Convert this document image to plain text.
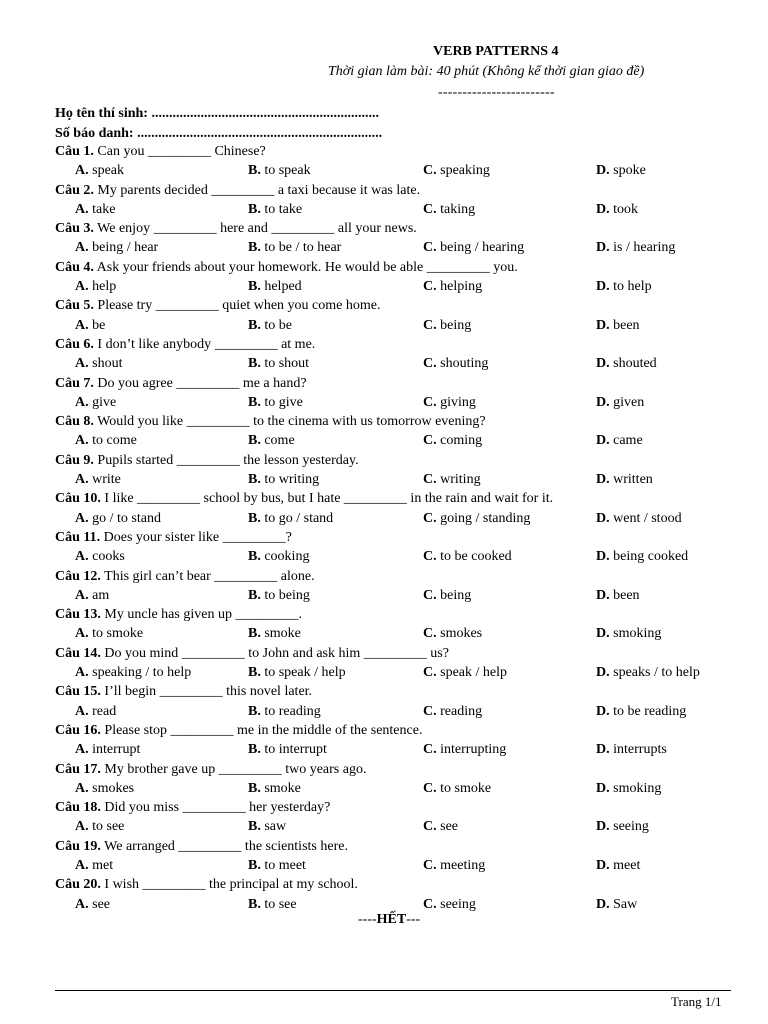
VERB PATTERNS 4
Thời gian làm bài: 40 phút (Không kể thời gian giao đề)
------------------------
Họ tên thí sinh: .................................................................
Số báo danh: ......................................................................
Câu 1. Can you _________ Chinese?
A. speak	B. to speak	C. speaking	D. spoke
Câu 2. My parents decided _________ a taxi because it was late.
A. take	B. to take	C. taking	D. took
Câu 3. We enjoy _________ here and _________ all your news.
A. being / hear	B. to be / to hear	C. being / hearing	D. is / hearing
Câu 4. Ask your friends about your homework. He would be able _________ you.
A. help	B. helped	C. helping	D. to help
Câu 5. Please try _________ quiet when you come home.
A. be	B. to be	C. being	D. been
Câu 6. I don’t like anybody _________ at me.
A. shout	B. to shout	C. shouting	D. shouted
Câu 7. Do you agree _________ me a hand?
A. give	B. to give	C. giving	D. given
Câu 8. Would you like _________ to the cinema with us tomorrow evening?
A. to come	B. come	C. coming	D. came
Câu 9. Pupils started _________ the lesson yesterday.
A. write	B. to writing	C. writing	D. written
Câu 10. I like _________ school by bus, but I hate _________ in the rain and wait for it.
A. go / to stand	B. to go / stand	C. going / standing	D. went / stood
Câu 11. Does your sister like _________?
A. cooks	B. cooking	C. to be cooked	D. being cooked
Câu 12. This girl can’t bear _________ alone.
A. am	B. to being	C. being	D. been
Câu 13. My uncle has given up _________.
A. to smoke	B. smoke	C. smokes	D. smoking
Câu 14. Do you mind _________ to John and ask him _________ us?
A. speaking / to help	B. to speak / help	C. speak / help	D. speaks / to help
Câu 15. I’ll begin _________ this novel later.
A. read	B. to reading	C. reading	D. to be reading
Câu 16. Please stop _________ me in the middle of the sentence.
A. interrupt	B. to interrupt	C. interrupting	D. interrupts
Câu 17. My brother gave up _________ two years ago.
A. smokes	B. smoke	C. to smoke	D. smoking
Câu 18. Did you miss _________ her yesterday?
A. to see	B. saw	C. see	D. seeing
Câu 19. We arranged _________ the scientists here.
A. met	B. to meet	C. meeting	D. meet
Câu 20. I wish _________ the principal at my school.
A. see	B. to see	C. seeing	D. Saw
----HẾT---
Trang 1/1
